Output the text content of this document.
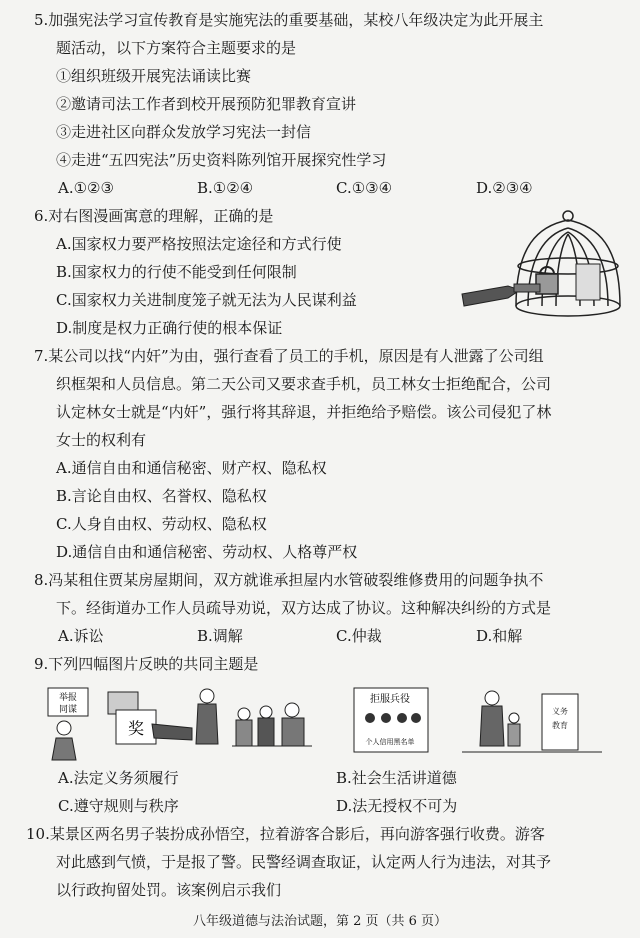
5.加强宪法学习宣传教育是实施宪法的重要基础，某校八年级决定为此开展主
题活动，以下方案符合主题要求的是
①组织班级开展宪法诵读比赛
②邀请司法工作者到校开展预防犯罪教育宣讲
③走进社区向群众发放学习宪法一封信
④走进“五四宪法”历史资料陈列馆开展探究性学习
A.①②③	B.①②④	C.①③④	D.②③④
6.对右图漫画寓意的理解，正确的是
A.国家权力要严格按照法定途径和方式行使
B.国家权力的行使不能受到任何限制
C.国家权力关进制度笼子就无法为人民谋利益
D.制度是权力正确行使的根本保证
7.某公司以找“内奸”为由，强行查看了员工的手机，原因是有人泄露了公司组
织框架和人员信息。第二天公司又要求查手机，员工林女士拒绝配合，公司
认定林女士就是“内奸”，强行将其辞退，并拒绝给予赔偿。该公司侵犯了林
女士的权利有
A.通信自由和通信秘密、财产权、隐私权
B.言论自由权、名誉权、隐私权
C.人身自由权、劳动权、隐私权
D.通信自由和通信秘密、劳动权、人格尊严权
8.冯某租住贾某房屋期间，双方就谁承担屋内水管破裂维修费用的问题争执不
下。经街道办工作人员疏导劝说，双方达成了协议。这种解决纠纷的方式是
A.诉讼	B.调解	C.仲裁	D.和解
9.下列四幅图片反映的共同主题是
举报
同谋
奖
拒服兵役
个人信用黑名单
义务
教育
A.法定义务须履行	B.社会生活讲道德
C.遵守规则与秩序	D.法无授权不可为
10.某景区两名男子装扮成孙悟空，拉着游客合影后，再向游客强行收费。游客
对此感到气愤，于是报了警。民警经调查取证，认定两人行为违法，对其予
以行政拘留处罚。该案例启示我们
八年级道德与法治试题，第 2 页（共 6 页）
